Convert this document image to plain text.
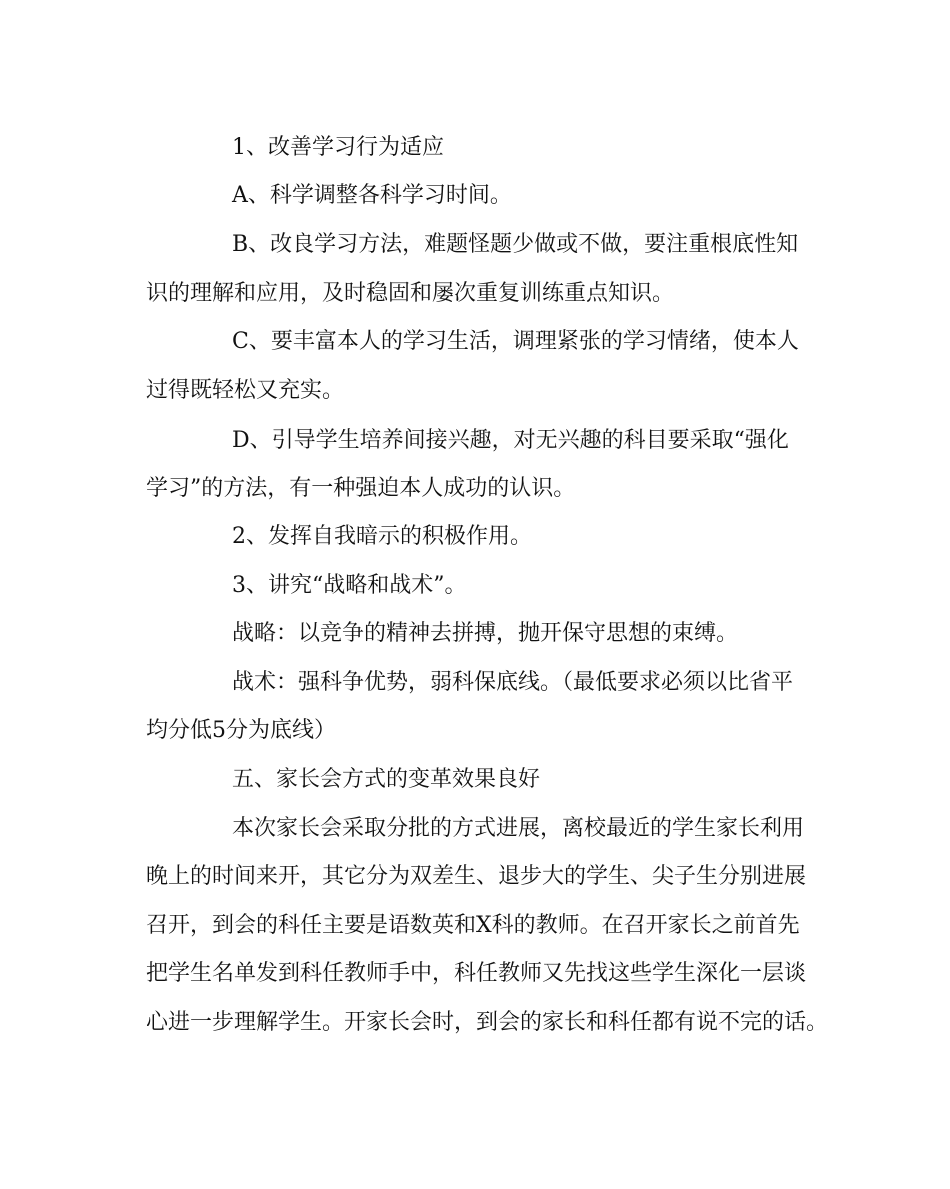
1、改善学习行为适应
A、科学调整各科学习时间。
B、改良学习方法，难题怪题少做或不做，要注重根底性知
识的理解和应用，及时稳固和屡次重复训练重点知识。
C、要丰富本人的学习生活，调理紧张的学习情绪，使本人
过得既轻松又充实。
D、引导学生培养间接兴趣，对无兴趣的科目要采取“强化
学习”的方法，有一种强迫本人成功的认识。
2、发挥自我暗示的积极作用。
3、讲究“战略和战术”。
战略：以竞争的精神去拼搏，抛开保守思想的束缚。
战术：强科争优势，弱科保底线。（最低要求必须以比省平
均分低5分为底线）
五、家长会方式的变革效果良好
本次家长会采取分批的方式进展，离校最近的学生家长利用
晚上的时间来开，其它分为双差生、退步大的学生、尖子生分别进展
召开，到会的科任主要是语数英和X科的教师。在召开家长之前首先
把学生名单发到科任教师手中，科任教师又先找这些学生深化一层谈
心进一步理解学生。开家长会时，到会的家长和科任都有说不完的话。
